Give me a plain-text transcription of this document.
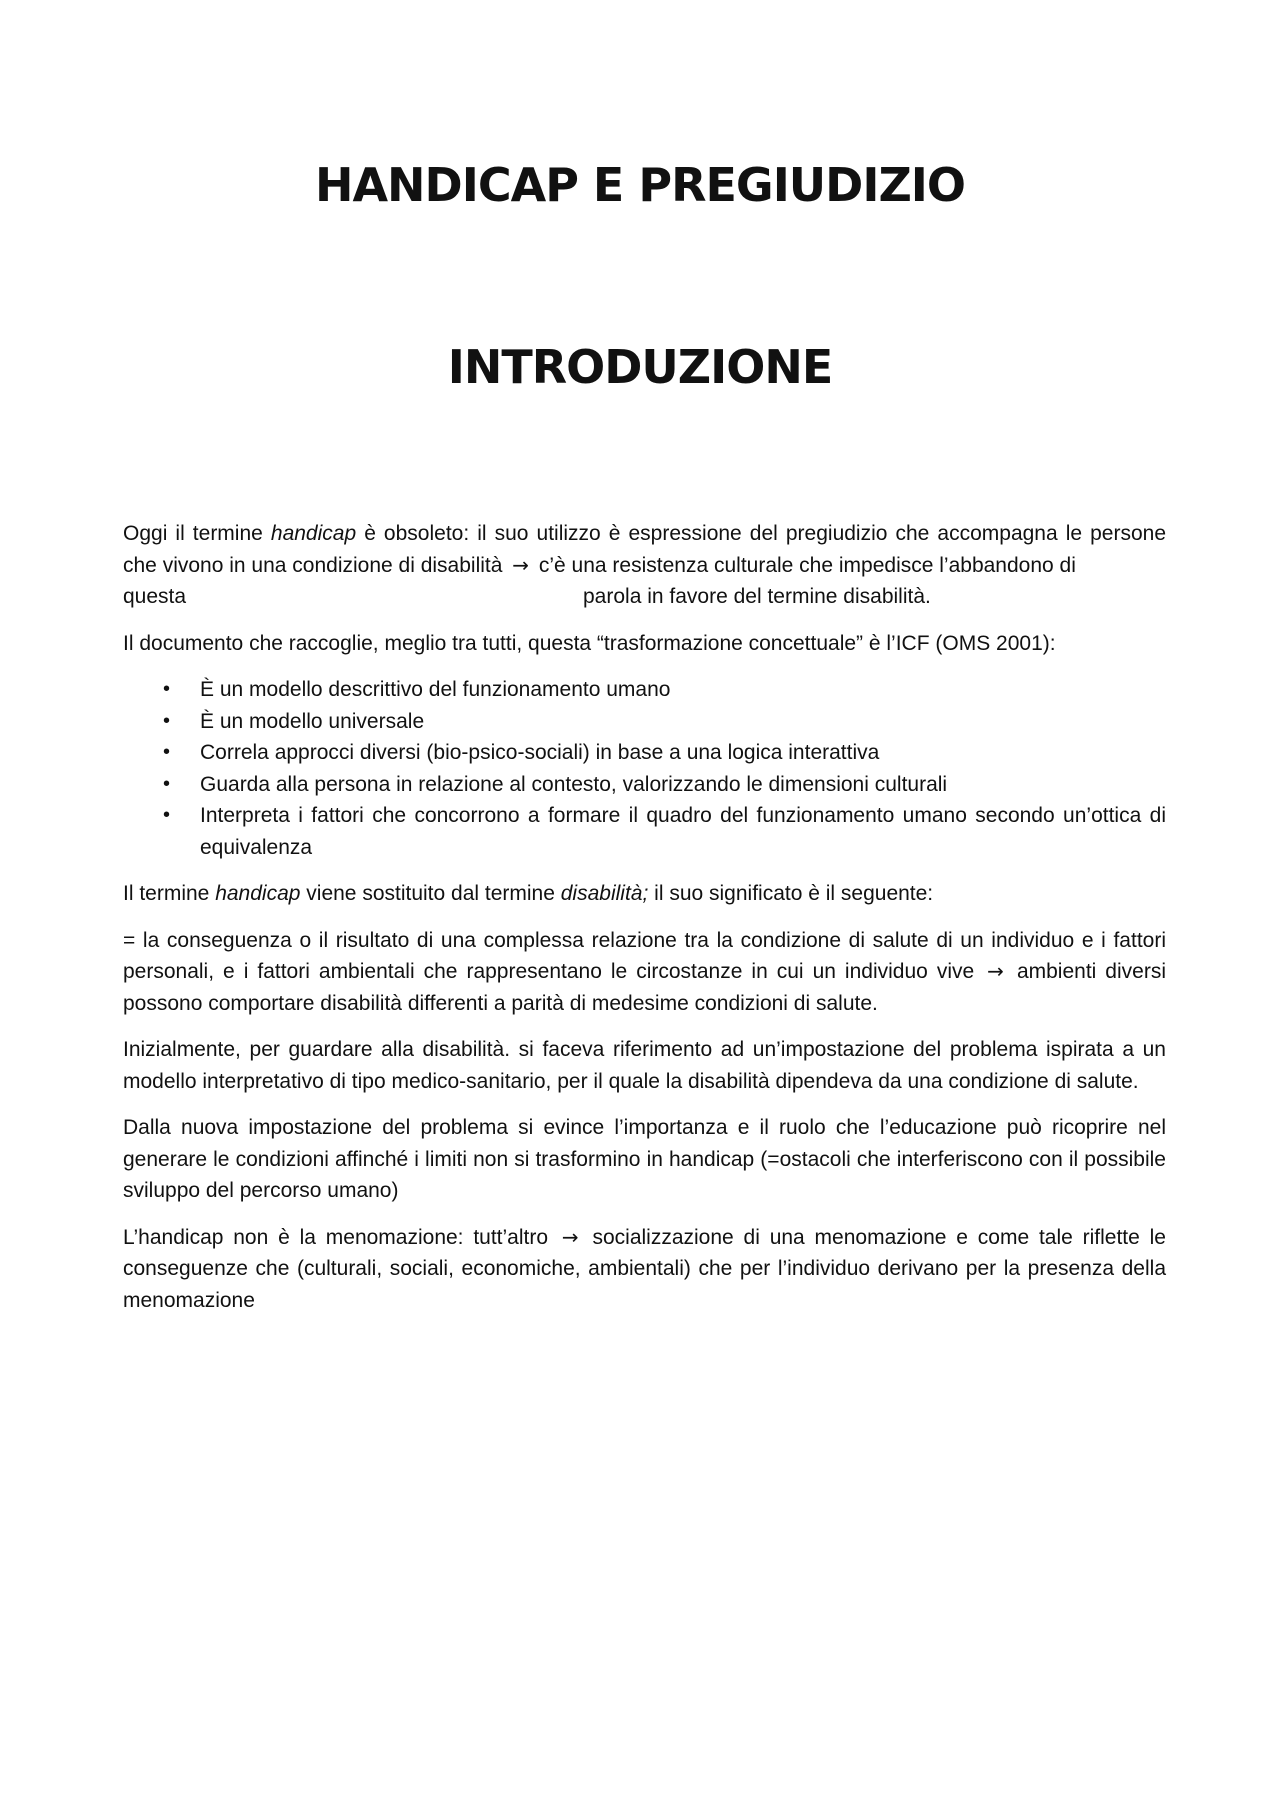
HANDICAP E PREGIUDIZIO
INTRODUZIONE

Oggi il termine handicap è obsoleto: il suo utilizzo è espressione del pregiudizio che accompagna le persone che vivono in una condizione di disabilità → c’è una resistenza culturale che impedisce l’abbandono di

questa	parola in favore del termine disabilità.

Il documento che raccoglie, meglio tra tutti, questa “trasformazione concettuale” è l’ICF (OMS 2001):

• È un modello descrittivo del funzionamento umano
• È un modello universale
• Correla approcci diversi (bio-psico-sociali) in base a una logica interattiva
• Guarda alla persona in relazione al contesto, valorizzando le dimensioni culturali
• Interpreta i fattori che concorrono a formare il quadro del funzionamento umano secondo un’ottica di equivalenza

Il termine handicap viene sostituito dal termine disabilità; il suo significato è il seguente:

= la conseguenza o il risultato di una complessa relazione tra la condizione di salute di un individuo e i fattori personali, e i fattori ambientali che rappresentano le circostanze in cui un individuo vive → ambienti diversi possono comportare disabilità differenti a parità di medesime condizioni di salute.

Inizialmente, per guardare alla disabilità. si faceva riferimento ad un’impostazione del problema ispirata a un modello interpretativo di tipo medico-sanitario, per il quale la disabilità dipendeva da una condizione di salute.

Dalla nuova impostazione del problema si evince l’importanza e il ruolo che l’educazione può ricoprire nel generare le condizioni affinché i limiti non si trasformino in handicap (=ostacoli che interferiscono con il possibile sviluppo del percorso umano)

L’handicap non è la menomazione: tutt’altro → socializzazione di una menomazione e come tale riflette le conseguenze che (culturali, sociali, economiche, ambientali) che per l’individuo derivano per la presenza della menomazione
